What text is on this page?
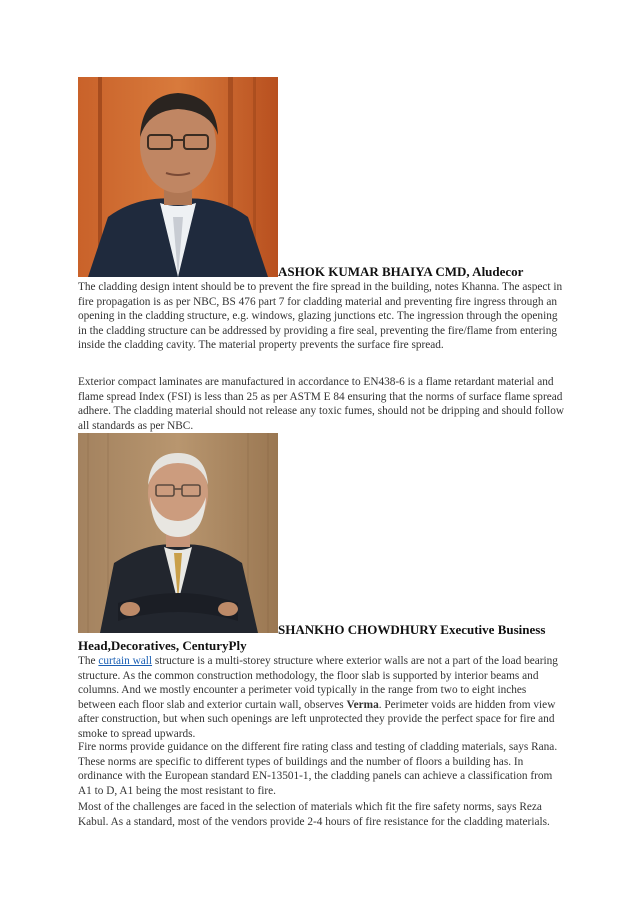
ASHOK KUMAR BHAIYA CMD, Aludecor

The cladding design intent should be to prevent the fire spread in the building, notes Khanna. The aspect in fire propagation is as per NBC, BS 476 part 7 for cladding material and preventing fire ingress through an opening in the cladding structure, e.g. windows, glazing junctions etc. The ingression through the opening in the cladding structure can be addressed by providing a fire seal, preventing the fire/flame from entering inside the cladding cavity. The material property prevents the surface fire spread.

Exterior compact laminates are manufactured in accordance to EN438-6 is a flame retardant material and flame spread Index (FSI) is less than 25 as per ASTM E 84 ensuring that the norms of surface flame spread adhere. The cladding material should not release any toxic fumes, should not be dripping and should follow all standards as per NBC.

SHANKHO CHOWDHURY Executive Business
Head,Decoratives, CenturyPly

The curtain wall structure is a multi-storey structure where exterior walls are not a part of the load bearing structure. As the common construction methodology, the floor slab is supported by interior beams and columns. And we mostly encounter a perimeter void typically in the range from two to eight inches between each floor slab and exterior curtain wall, observes Verma. Perimeter voids are hidden from view after construction, but when such openings are left unprotected they provide the perfect space for fire and smoke to spread upwards.

Fire norms provide guidance on the different fire rating class and testing of cladding materials, says Rana. These norms are specific to different types of buildings and the number of floors a building has. In ordinance with the European standard EN-13501-1, the cladding panels can achieve a classification from A1 to D, A1 being the most resistant to fire.

Most of the challenges are faced in the selection of materials which fit the fire safety norms, says Reza Kabul. As a standard, most of the vendors provide 2-4 hours of fire resistance for the cladding materials.
